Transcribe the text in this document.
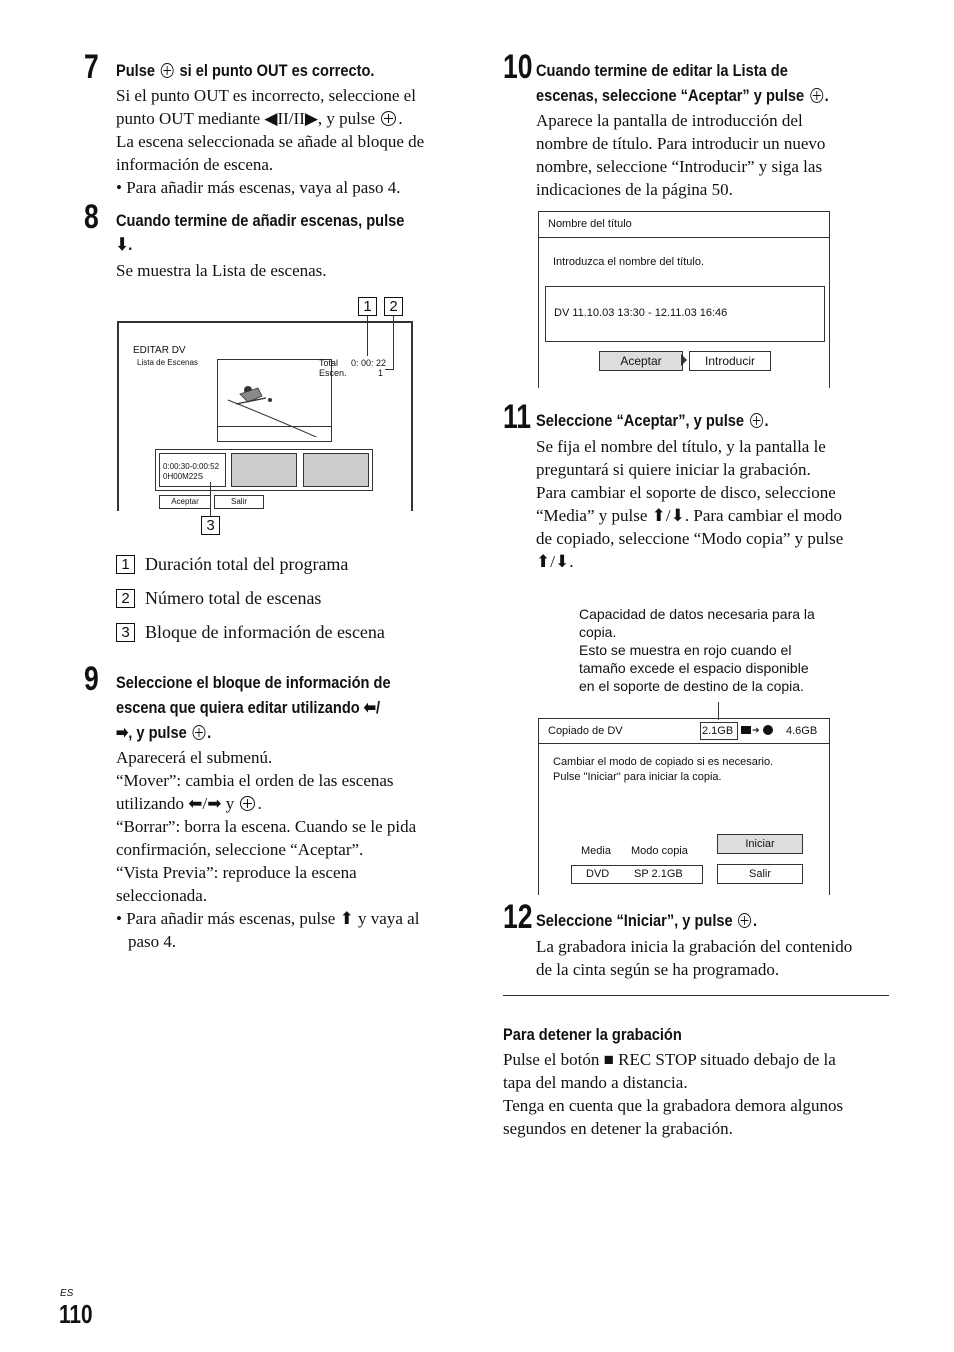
7 Pulse si el punto OUT es correcto.

Si el punto OUT es incorrecto, seleccione el

punto OUT mediante ◀II/II▶, y pulse .

La escena seleccionada se añade al bloque de

información de escena.

• Para añadir más escenas, vaya al paso 4.

8 Cuando termine de añadir escenas, pulse
⬇.
Se muestra la Lista de escenas.
EDITAR DV
Lista de Escenas	Total 0: 00: 22
Escen.	1
0:00:30-0:00:52
0H00M22S
Aceptar	Salir
1	2
3
1 Duración total del programa
2 Número total de escenas
3 Bloque de información de escena
9 Seleccione el bloque de información de
escena que quiera editar utilizando ⬅/
➡, y pulse .

Aparecerá el submenú.

“Mover”: cambia el orden de las escenas

utilizando ⬅/➡ y .

“Borrar”: borra la escena. Cuando se le pida

confirmación, seleccione “Aceptar”.

“Vista Previa”: reproduce la escena

seleccionada.

• Para añadir más escenas, pulse ⬆ y vaya al

paso 4.

10 Cuando termine de editar la Lista de
escenas, seleccione “Aceptar” y pulse .

Aparece la pantalla de introducción del

nombre de título. Para introducir un nuevo

nombre, seleccione “Introducir” y siga las

indicaciones de la página 50.

Nombre del título
Introduzca el nombre del título.
DV 11.10.03 13:30 - 12.11.03 16:46
Aceptar	Introducir
11 Seleccione “Aceptar”, y pulse .

Se fija el nombre del título, y la pantalla le

preguntará si quiere iniciar la grabación.

Para cambiar el soporte de disco, seleccione

“Media” y pulse ⬆/⬇. Para cambiar el modo

de copiado, seleccione “Modo copia” y pulse

⬆/⬇.

Capacidad de datos necesaria para la
copia.
Esto se muestra en rojo cuando el
tamaño excede el espacio disponible
en el soporte de destino de la copia.
Copiado de DV	2.1GB ➔ 4.6GB
Cambiar el modo de copiado si es necesario.
Pulse "Iniciar" para iniciar la copia.
Media Modo copia
DVD SP 2.1GB
Iniciar
Salir
12 Seleccione “Iniciar”, y pulse .

La grabadora inicia la grabación del contenido

de la cinta según se ha programado.

Para detener la grabación

Pulse el botón ■ REC STOP situado debajo de la

tapa del mando a distancia.

Tenga en cuenta que la grabadora demora algunos

segundos en detener la grabación.

ES
110
